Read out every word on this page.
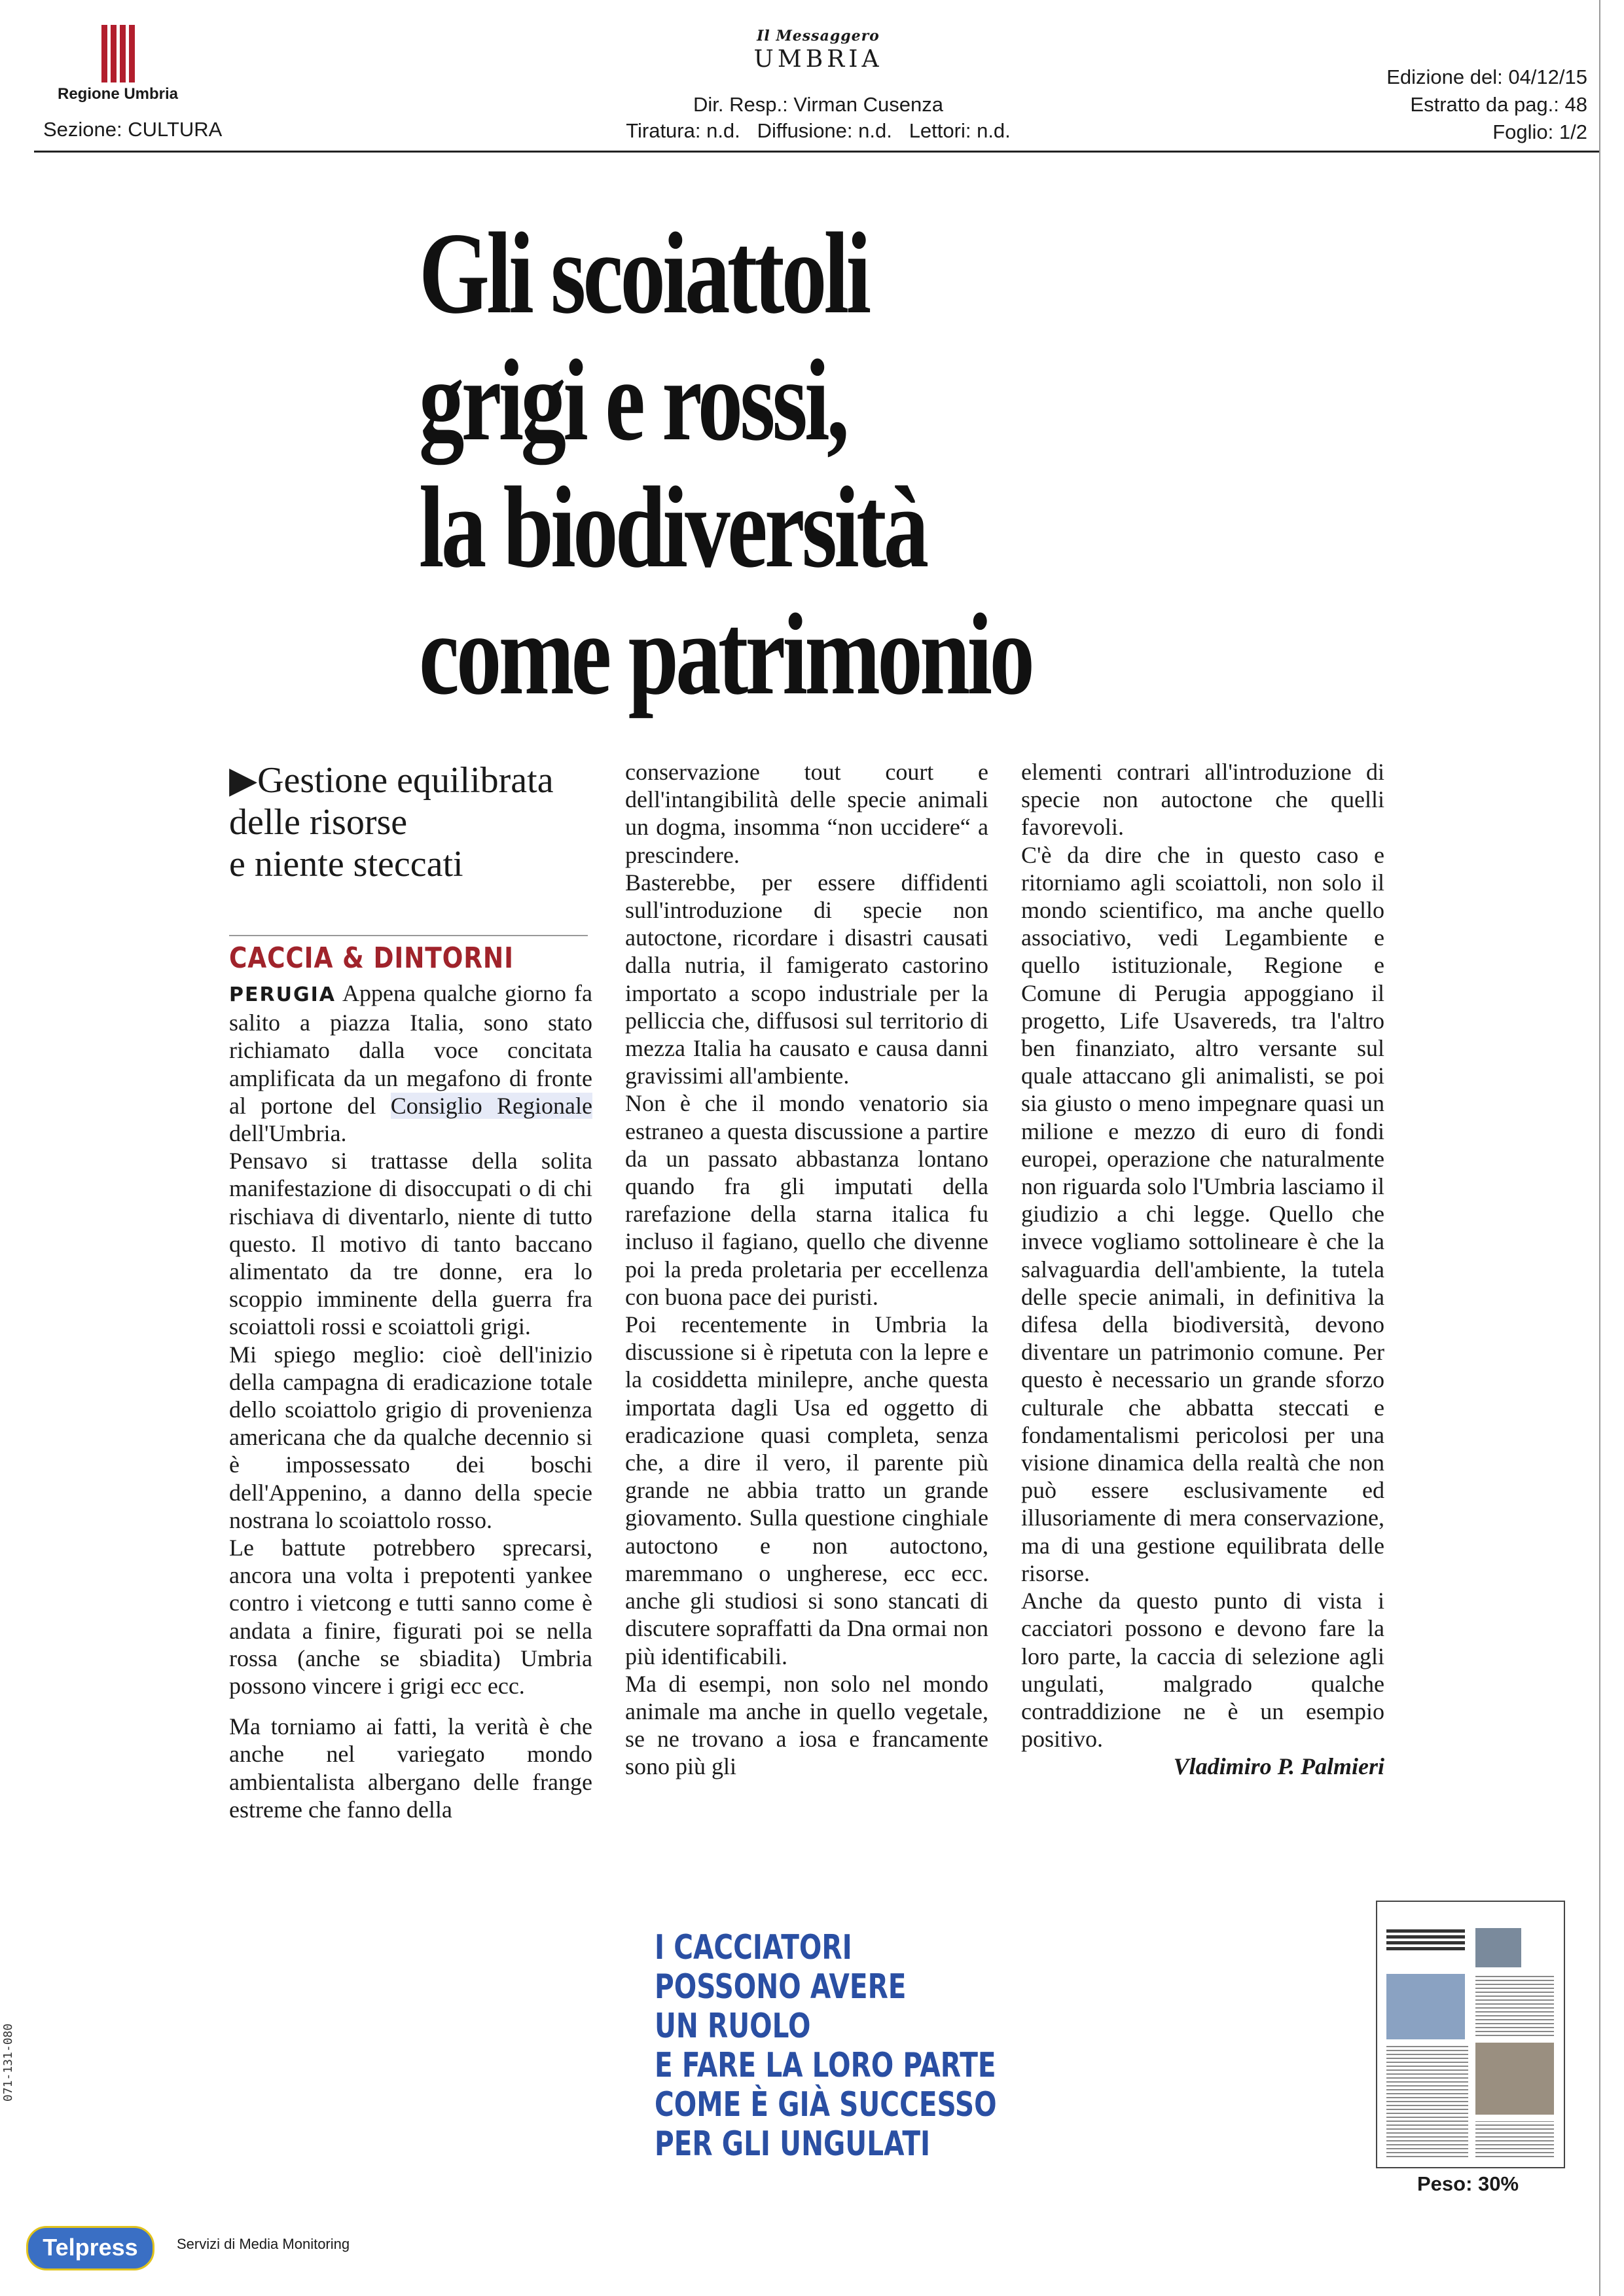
Regione Umbria
Sezione: CULTURA
Il Messaggero
UMBRIA
Dir. Resp.: Virman Cusenza
Tiratura: n.d.   Diffusione: n.d.   Lettori: n.d.
Edizione del: 04/12/15
Estratto da pag.: 48
Foglio: 1/2
Gli scoiattoli
grigi e rossi,
la biodiversità
come patrimonio
▶Gestione equilibrata
delle risorse
e niente steccati
CACCIA & DINTORNI

PERUGIA Appena qualche giorno fa salito a piazza Italia, sono stato richiamato dalla voce concitata amplificata da un megafono di fronte al portone del Consiglio Regionale dell'Umbria.

Pensavo si trattasse della solita manifestazione di disoccupati o di chi rischiava di diventarlo, niente di tutto questo. Il motivo di tanto baccano alimentato da tre donne, era lo scoppio imminente della guerra fra scoiattoli rossi e scoiattoli grigi.

Mi spiego meglio: cioè dell'inizio della campagna di eradicazione totale dello scoiattolo grigio di provenienza americana che da qualche decennio si è impossessato dei boschi dell'Appenino, a danno della specie nostrana lo scoiattolo rosso.

Le battute potrebbero sprecarsi, ancora una volta i prepotenti yankee contro i vietcong e tutti sanno come è andata a finire, figurati poi se nella rossa (anche se sbiadita) Umbria possono vincere i grigi ecc ecc.

Ma torniamo ai fatti, la verità è che anche nel variegato mondo ambientalista albergano delle frange estreme che fanno della

conservazione tout court e dell'intangibilità delle specie animali un dogma, insomma “non uccidere“ a prescindere.

Basterebbe, per essere diffidenti sull'introduzione di specie non autoctone, ricordare i disastri causati dalla nutria, il famigerato castorino importato a scopo industriale per la pelliccia che, diffusosi sul territorio di mezza Italia ha causato e causa danni gravissimi all'ambiente.

Non è che il mondo venatorio sia estraneo a questa discussione a partire da un passato abbastanza lontano quando fra gli imputati della rarefazione della starna italica fu incluso il fagiano, quello che divenne poi la preda proletaria per eccellenza con buona pace dei puristi.

Poi recentemente in Umbria la discussione si è ripetuta con la lepre e la cosiddetta minilepre, anche questa importata dagli Usa ed oggetto di eradicazione quasi completa, senza che, a dire il vero, il parente più grande ne abbia tratto un grande giovamento. Sulla questione cinghiale autoctono e non autoctono, maremmano o ungherese, ecc ecc. anche gli studiosi si sono stancati di discutere sopraffatti da Dna ormai non più identificabili.

Ma di esempi, non solo nel mondo animale ma anche in quello vegetale, se ne trovano a iosa e francamente sono più gli

elementi contrari all'introduzione di specie non autoctone che quelli favorevoli.

C'è da dire che in questo caso e ritorniamo agli scoiattoli, non solo il mondo scientifico, ma anche quello associativo, vedi Legambiente e quello istituzionale, Regione e Comune di Perugia appoggiano il progetto, Life Usavereds, tra l'altro ben finanziato, altro versante sul quale attaccano gli animalisti, se poi sia giusto o meno impegnare quasi un milione e mezzo di euro di fondi europei, operazione che naturalmente non riguarda solo l'Umbria lasciamo il giudizio a chi legge. Quello che invece vogliamo sottolineare è che la salvaguardia dell'ambiente, la tutela delle specie animali, in definitiva la difesa della biodiversità, devono diventare un patrimonio comune. Per questo è necessario un grande sforzo culturale che abbatta steccati e fondamentalismi pericolosi per una visione dinamica della realtà che non può essere esclusivamente ed illusoriamente di mera conservazione, ma di una gestione equilibrata delle risorse.

Anche da questo punto di vista i cacciatori possono e devono fare la loro parte, la caccia di selezione agli ungulati, malgrado qualche contraddizione ne è un esempio positivo.

Vladimiro P. Palmieri

I CACCIATORI
POSSONO AVERE
UN RUOLO
E FARE LA LORO PARTE
COME È GIÀ SUCCESSO
PER GLI UNGULATI
Peso: 30%
Telpress	Servizi di Media Monitoring
071-131-080
